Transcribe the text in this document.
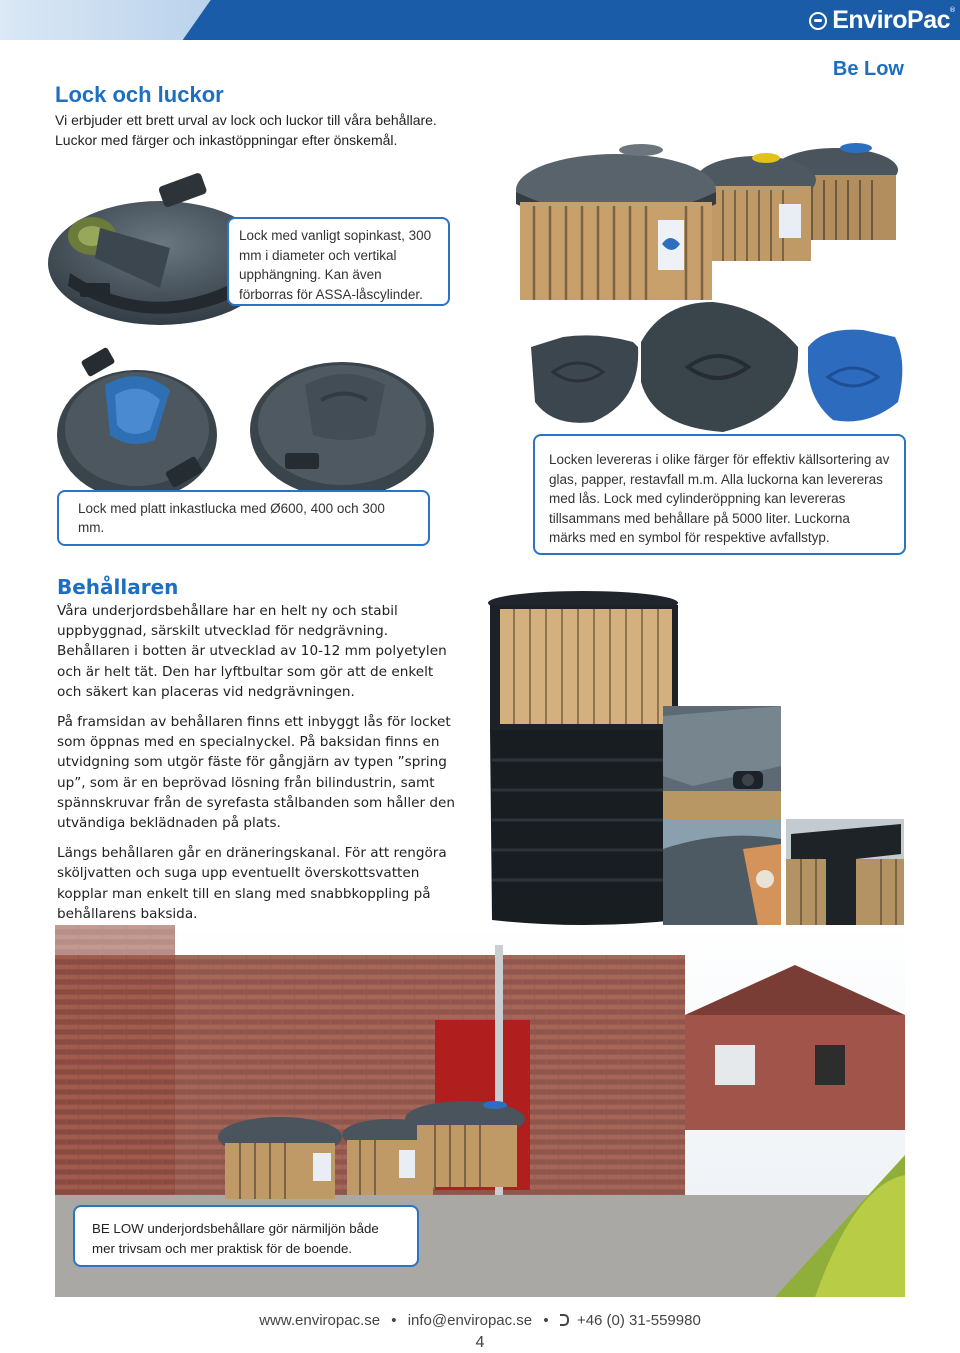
EnviroPac ®
Be Low
Lock och luckor
Vi erbjuder ett brett urval av lock och luckor till våra behållare.
Luckor med färger och inkastöppningar efter önskemål.
Lock med vanligt sopinkast, 300 mm i diameter och vertikal upphängning. Kan även förborras för ASSA-låscylinder.
Lock med platt inkastlucka med Ø600, 400 och 300 mm.
Locken levereras i olike färger för effektiv källsortering av glas, papper, restavfall m.m. Alla luckorna kan levereras med lås. Lock med cylinderöppning kan levereras tillsammans med behållare på 5000 liter. Luckorna märks med en symbol för respektive avfallstyp.
Behållaren

Våra underjordsbehållare har en helt ny och stabil uppbyggnad, särskilt utvecklad för nedgrävning. Behållaren i botten är utvecklad av 10-12 mm polyetylen och är helt tät. Den har lyftbultar som gör att de enkelt och säkert kan placeras vid nedgrävningen.

På framsidan av behållaren finns ett inbyggt lås för locket som öppnas med en specialnyckel. På baksidan finns en utvidgning som utgör fäste för gångjärn av typen ”spring up”, som är en beprövad lösning från bilindustrin, samt spännskruvar från de syrefasta stålbanden som håller den utvändiga beklädnaden på plats.

Längs behållaren går en dräneringskanal. För att rengöra sköljvatten och suga upp eventuellt överskottsvatten kopplar man enkelt till en slang med snabbkoppling på behållarens baksida.

BE LOW underjordsbehållare gör närmiljön både mer trivsam och mer praktisk för de boende.
www.enviropac.se • info@enviropac.se • +46 (0) 31-559980
4
